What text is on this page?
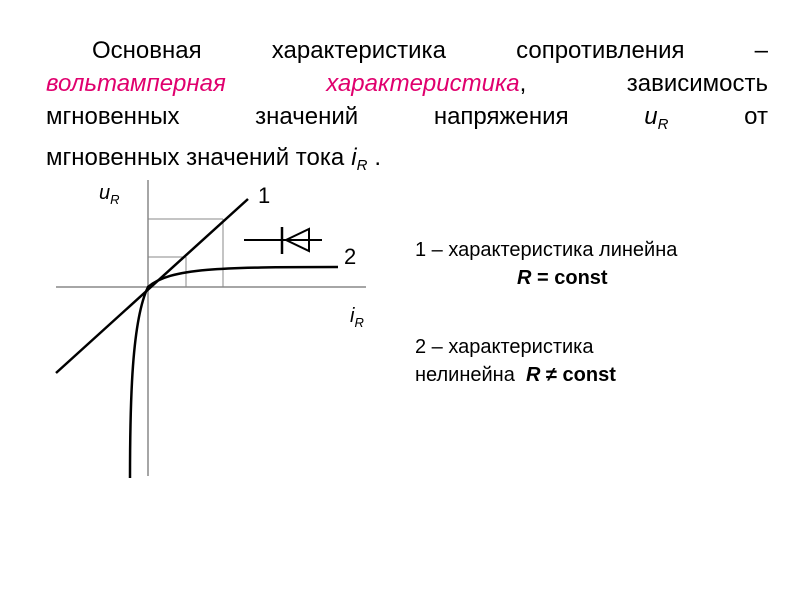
Основная	характеристика	сопротивления	–
вольтамперная	характеристика,	зависимость
мгновенных	значений	напряжения	$u_R$	от
мгновенных значений тока $i_R$ .
1
2
$u_R$
$i_R$
1 – характеристика линейна
R = const
2 – характеристика
нелинейна R ≠ const
